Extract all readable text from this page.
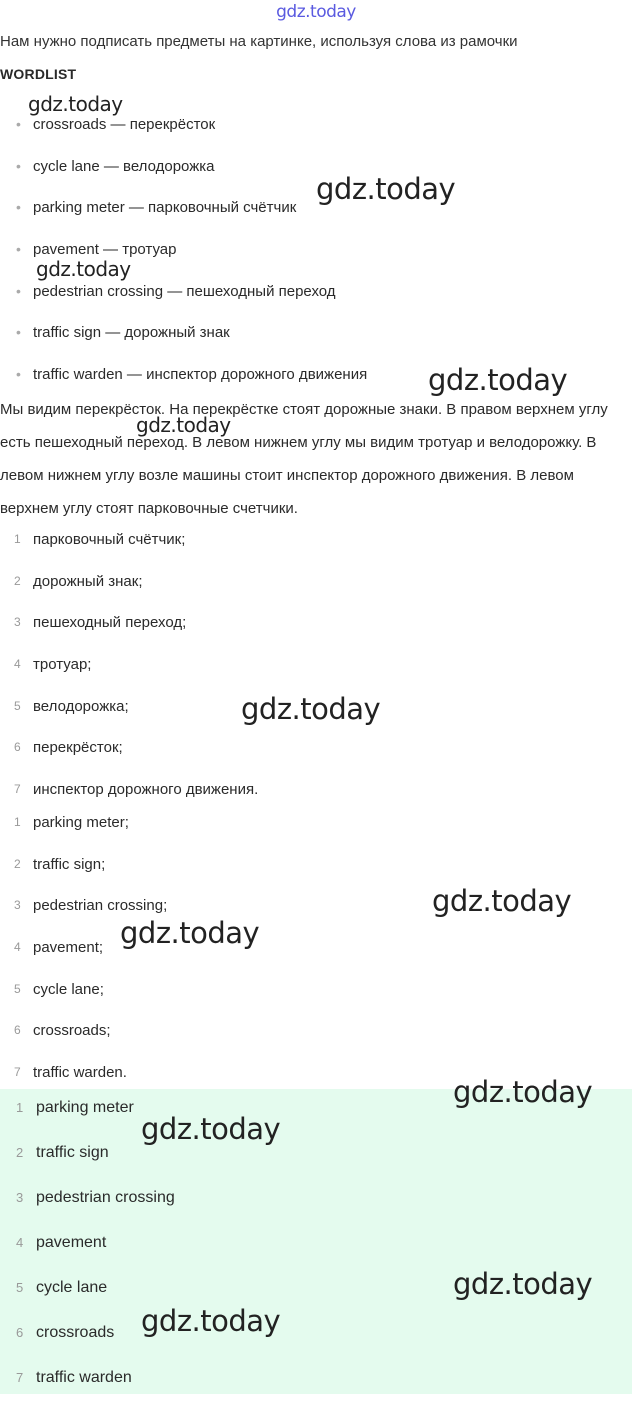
gdz.today
Нам нужно подписать предметы на картинке, используя слова из рамочки
WORDLIST
• crossroads — перекрёсток
• cycle lane — велодорожка
• parking meter — парковочный счётчик
• pavement — тротуар
• pedestrian crossing — пешеходный переход
• traffic sign — дорожный знак
• traffic warden — инспектор дорожного движения
Мы видим перекрёсток. На перекрёстке стоят дорожные знаки. В правом верхнем углу есть пешеходный переход. В левом нижнем углу мы видим тротуар и велодорожку. В левом нижнем углу возле машины стоит инспектор дорожного движения. В левом верхнем углу стоят парковочные счетчики.
1 парковочный счётчик;
2 дорожный знак;
3 пешеходный переход;
4 тротуар;
5 велодорожка;
6 перекрёсток;
7 инспектор дорожного движения.
1 parking meter;
2 traffic sign;
3 pedestrian crossing;
4 pavement;
5 cycle lane;
6 crossroads;
7 traffic warden.
1 parking meter
2 traffic sign
3 pedestrian crossing
4 pavement
5 cycle lane
6 crossroads
7 traffic warden
gdz.today
gdz.today
gdz.today
gdz.today
gdz.today
gdz.today
gdz.today
gdz.today
gdz.today
gdz.today
gdz.today
gdz.today
